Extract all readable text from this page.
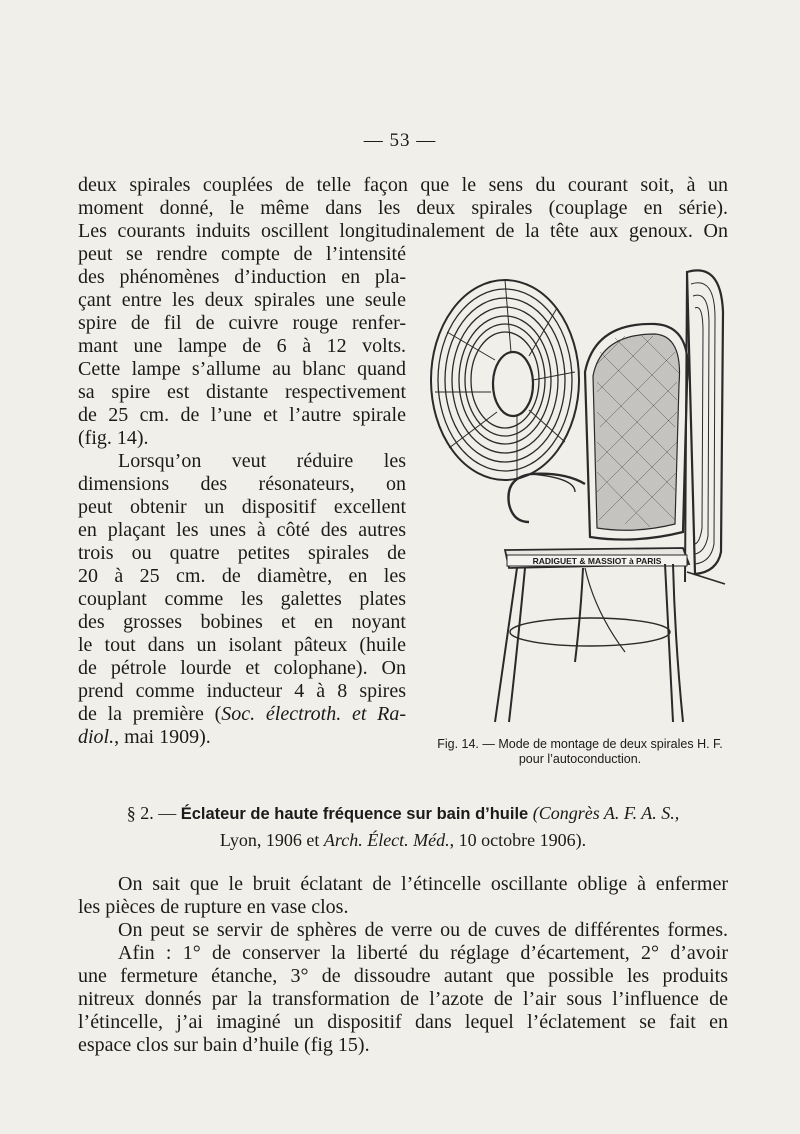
— 53 —
deux spirales couplées de telle façon que le sens du courant soit, à un
moment donné, le même dans les deux spirales (couplage en série).
Les courants induits oscillent longitudinalement de la tête aux genoux. On
peut se rendre compte de l’intensité
des phénomènes d’induction en pla-
çant entre les deux spirales une seule
spire de fil de cuivre rouge renfer-
mant une lampe de 6 à 12 volts.
Cette lampe s’allume au blanc quand
sa spire est distante respectivement
de 25 cm. de l’une et l’autre spirale
(fig. 14).
Lorsqu’on veut réduire les
dimensions des résonateurs, on
peut obtenir un dispositif excellent
en plaçant les unes à côté des autres
trois ou quatre petites spirales de
20 à 25 cm. de diamètre, en les
couplant comme les galettes plates
des grosses bobines et en noyant
le tout dans un isolant pâteux (huile
de pétrole lourde et colophane). On
prend comme inducteur 4 à 8 spires
de la première (Soc. électroth. et Ra-
diol., mai 1909).
RADIGUET & MASSIOT à PARIS
Fig. 14. — Mode de montage de deux spirales H. F.
pour l’autoconduction.
§ 2. — Éclateur de haute fréquence sur bain d’huile (Congrès A. F. A. S.,
Lyon, 1906 et Arch. Élect. Méd., 10 octobre 1906).
On sait que le bruit éclatant de l’étincelle oscillante oblige à enfermer
les pièces de rupture en vase clos.
On peut se servir de sphères de verre ou de cuves de différentes formes.
Afin : 1° de conserver la liberté du réglage d’écartement, 2° d’avoir
une fermeture étanche, 3° de dissoudre autant que possible les produits
nitreux donnés par la transformation de l’azote de l’air sous l’influence de
l’étincelle, j’ai imaginé un dispositif dans lequel l’éclatement se fait en
espace clos sur bain d’huile (fig 15).
